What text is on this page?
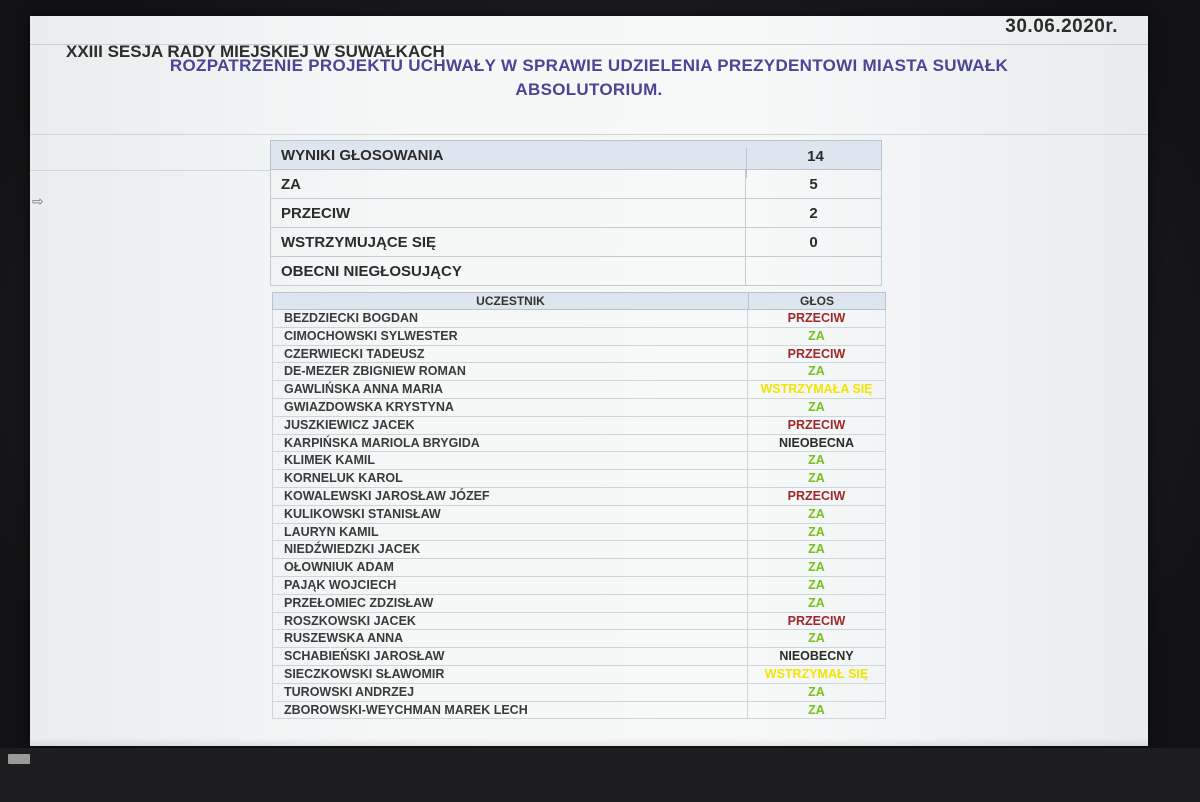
30.06.2020r.
XXIII SESJA RADY MIEJSKIEJ W SUWAŁKACH
ROZPATRZENIE PROJEKTU UCHWAŁY W SPRAWIE UDZIELENIA PREZYDENTOWI MIASTA SUWAŁK
ABSOLUTORIUM.
⇨
WYNIKI GŁOSOWANIA	14
ZA	5
PRZECIW	2
WSTRZYMUJĄCE SIĘ	0
OBECNI NIEGŁOSUJĄCY
UCZESTNIK	GŁOS
BEZDZIECKI BOGDAN	PRZECIW
CIMOCHOWSKI SYLWESTER	ZA
CZERWIECKI TADEUSZ	PRZECIW
DE-MEZER ZBIGNIEW ROMAN	ZA
GAWLIŃSKA ANNA MARIA	WSTRZYMAŁA SIĘ
GWIAZDOWSKA KRYSTYNA	ZA
JUSZKIEWICZ JACEK	PRZECIW
KARPIŃSKA MARIOLA BRYGIDA	NIEOBECNA
KLIMEK KAMIL	ZA
KORNELUK KAROL	ZA
KOWALEWSKI JAROSŁAW JÓZEF	PRZECIW
KULIKOWSKI STANISŁAW	ZA
LAURYN KAMIL	ZA
NIEDŹWIEDZKI JACEK	ZA
OŁOWNIUK ADAM	ZA
PAJĄK WOJCIECH	ZA
PRZEŁOMIEC ZDZISŁAW	ZA
ROSZKOWSKI JACEK	PRZECIW
RUSZEWSKA ANNA	ZA
SCHABIEŃSKI JAROSŁAW	NIEOBECNY
SIECZKOWSKI SŁAWOMIR	WSTRZYMAŁ SIĘ
TUROWSKI ANDRZEJ	ZA
ZBOROWSKI-WEYCHMAN MAREK LECH	ZA
